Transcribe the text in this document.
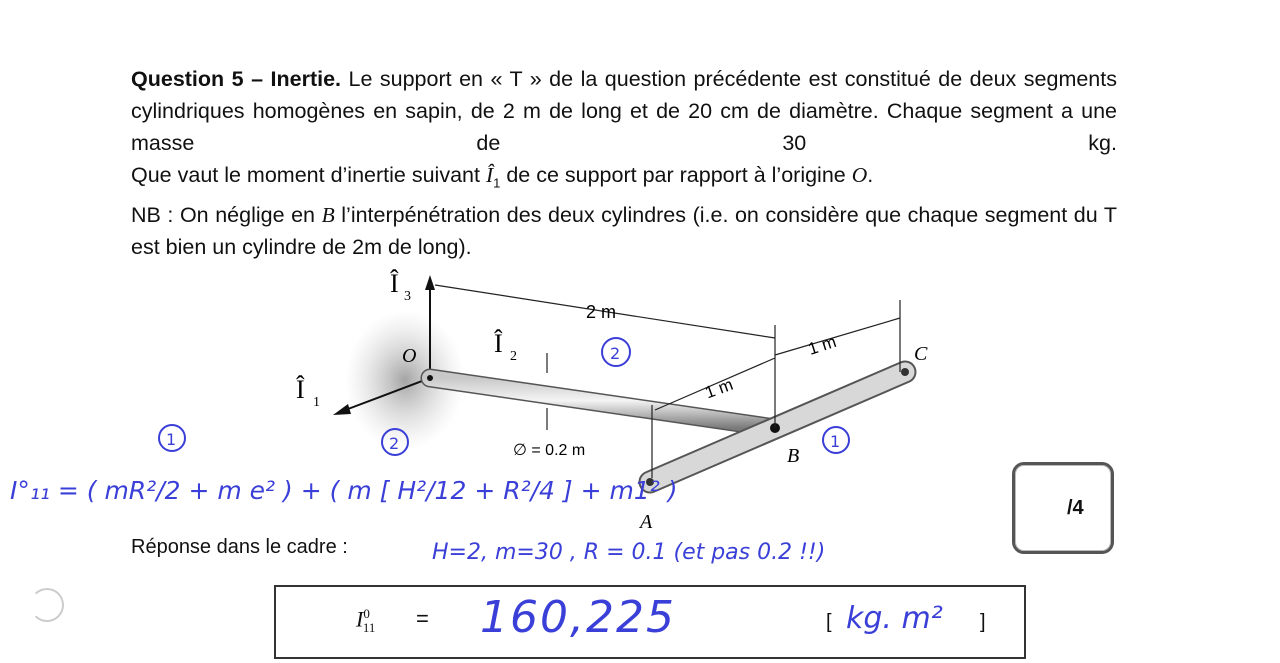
Question 5 – Inertie. Le support en « T » de la question précédente est constitué de deux segments cylindriques homogènes en sapin, de 2 m de long et de 20 cm de diamètre. Chaque segment a une masse de 30 kg.

Que vaut le moment d’inertie suivant $Î_1$ de ce support par rapport à l’origine O.

NB : On néglige en B l’interpénétration des deux cylindres (i.e. on considère que chaque segment du T est bien un cylindre de 2m de long).

Î 3
Î 2
Î 1
O
A
B
C
2 m
1 m
1 m
∅ = 0.2 m
1	2
2
1
I°₁₁ = ( mR²/2 + m e² ) + ( m [ H²/12 + R²/4 ] + m1² )
H=2, m=30 , R = 0.1 (et pas 0.2 !!)
/4
Réponse dans le cadre :
$I^0_{11} = 160,225$	[ kg. m² ]
